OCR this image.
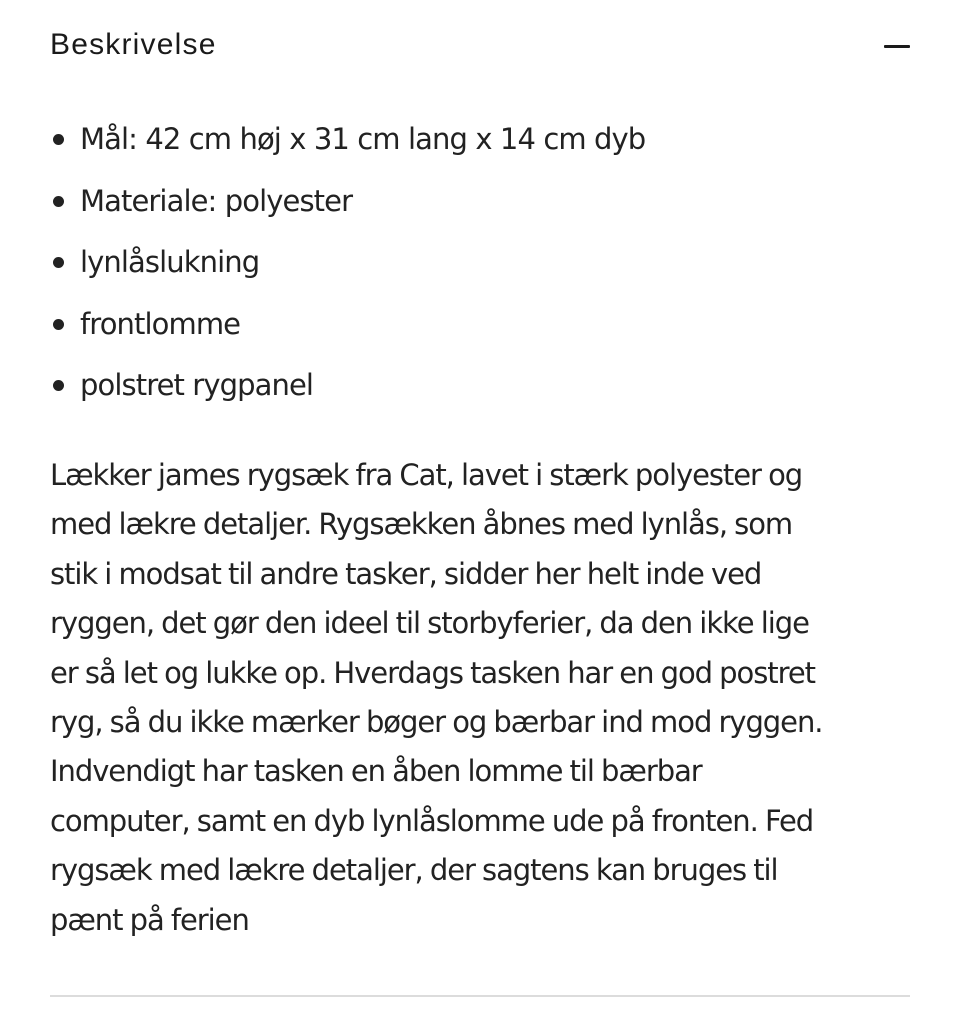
Beskrivelse
Mål: 42 cm høj x 31 cm lang x 14 cm dyb
Materiale: polyester
lynlåslukning
frontlomme
polstret rygpanel

Lækker james rygsæk fra Cat, lavet i stærk polyester og
med lækre detaljer. Rygsækken åbnes med lynlås, som
stik i modsat til andre tasker, sidder her helt inde ved
ryggen, det gør den ideel til storbyferier, da den ikke lige
er så let og lukke op. Hverdags tasken har en god postret
ryg, så du ikke mærker bøger og bærbar ind mod ryggen.
Indvendigt har tasken en åben lomme til bærbar
computer, samt en dyb lynlåslomme ude på fronten. Fed
rygsæk med lækre detaljer, der sagtens kan bruges til
pænt på ferien
